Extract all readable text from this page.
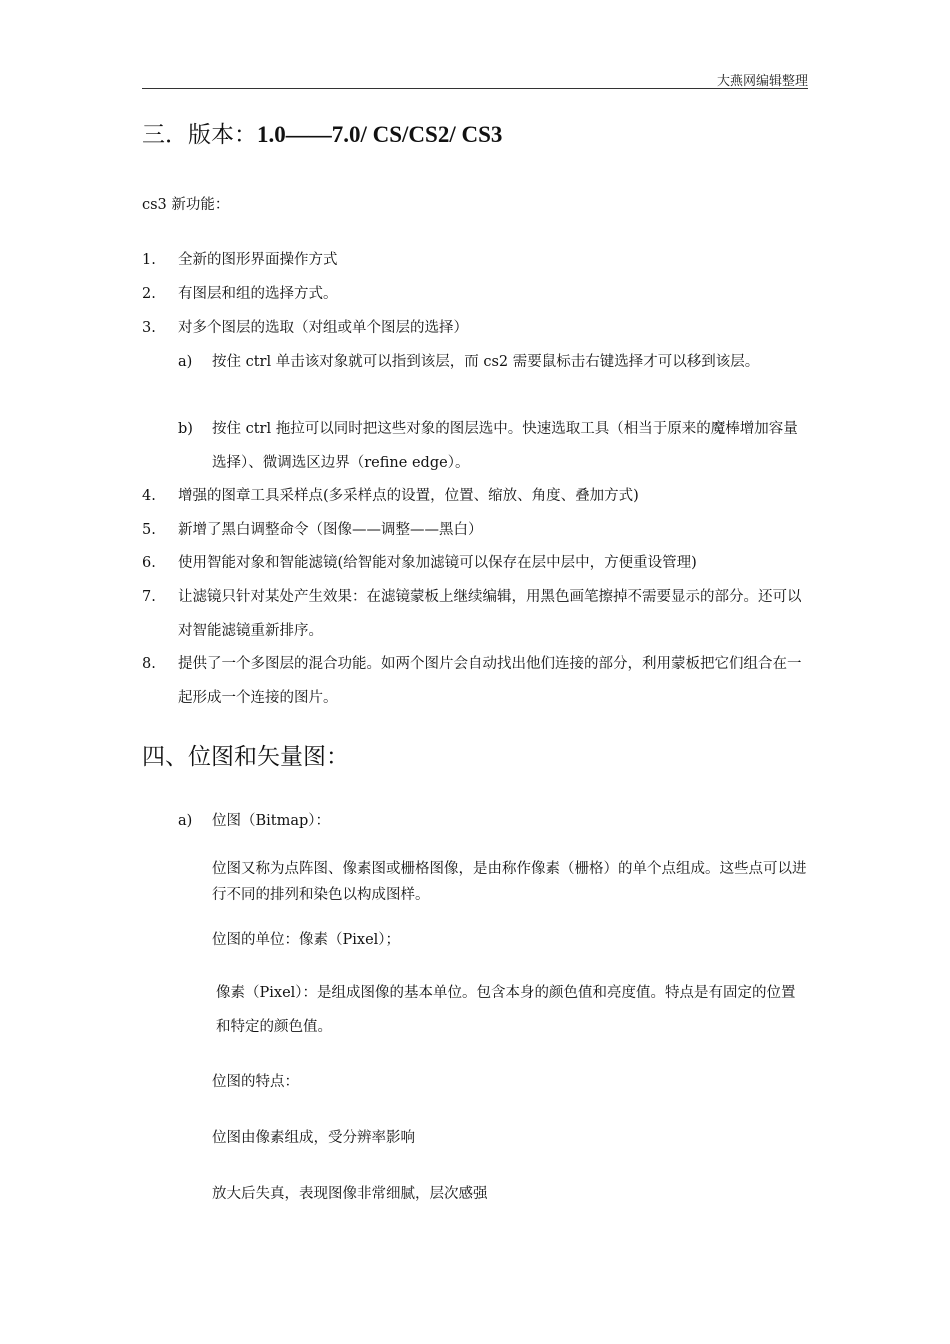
大燕网编辑整理
三．版本：1.0——7.0/ CS/CS2/ CS3
cs3 新功能：
1. 全新的图形界面操作方式
2. 有图层和组的选择方式。
3. 对多个图层的选取（对组或单个图层的选择）
a) 按住 ctrl 单击该对象就可以指到该层，而 cs2 需要鼠标击右键选择才可以移到该层。
b) 按住 ctrl 拖拉可以同时把这些对象的图层选中。快速选取工具（相当于原来的魔棒增加容量选择）、微调选区边界（refine edge）。
4. 增强的图章工具采样点(多采样点的设置，位置、缩放、角度、叠加方式)
5. 新增了黑白调整命令（图像——调整——黑白）
6. 使用智能对象和智能滤镜(给智能对象加滤镜可以保存在层中层中，方便重设管理)
7. 让滤镜只针对某处产生效果：在滤镜蒙板上继续编辑，用黑色画笔擦掉不需要显示的部分。还可以对智能滤镜重新排序。
8. 提供了一个多图层的混合功能。如两个图片会自动找出他们连接的部分，利用蒙板把它们组合在一起形成一个连接的图片。
四、位图和矢量图：
a) 位图（Bitmap）：
位图又称为点阵图、像素图或栅格图像，是由称作像素（栅格）的单个点组成。这些点可以进行不同的排列和染色以构成图样。
位图的单位：像素（Pixel）；
像素（Pixel）：是组成图像的基本单位。包含本身的颜色值和亮度值。特点是有固定的位置和特定的颜色值。
位图的特点：
位图由像素组成，受分辨率影响
放大后失真，表现图像非常细腻，层次感强
